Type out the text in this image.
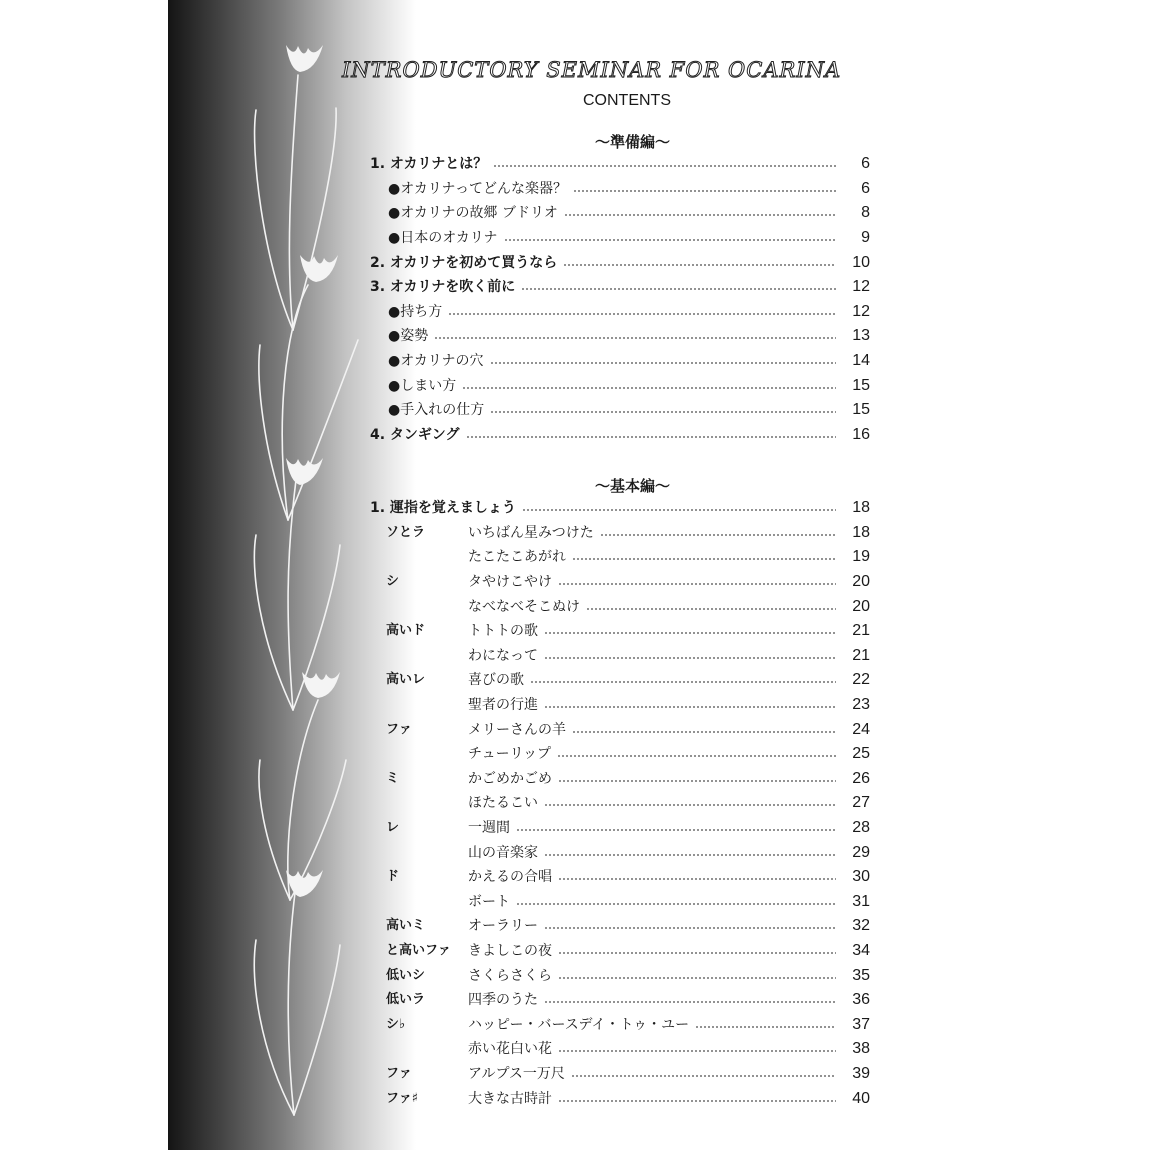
INTRODUCTORY SEMINAR FOR OCARINA
CONTENTS
〜準備編〜
1. オカリナとは？	6
●オカリナってどんな楽器？	6
●オカリナの故郷 ブドリオ	8
●日本のオカリナ	9
2. オカリナを初めて買うなら	10
3. オカリナを吹く前に	12
●持ち方	12
●姿勢	13
●オカリナの穴	14
●しまい方	15
●手入れの仕方	15
4. タンギング	16
〜基本編〜
1. 運指を覚えましょう	18
ソとラ	いちばん星みつけた	18
たこたこあがれ	19
シ	タやけこやけ	20
なべなべそこぬけ	20
高いド	トトトの歌	21
わになって	21
高いレ	喜びの歌	22
聖者の行進	23
ファ	メリーさんの羊	24
チューリップ	25
ミ	かごめかごめ	26
ほたるこい	27
レ	一週間	28
山の音楽家	29
ド	かえるの合唱	30
ボート	31
高いミ	オーラリー	32
と高いファ	きよしこの夜	34
低いシ	さくらさくら	35
低いラ	四季のうた	36
シ♭	ハッピー・バースデイ・トゥ・ユー	37
赤い花白い花	38
ファ	アルプス一万尺	39
ファ♯	大きな古時計	40
